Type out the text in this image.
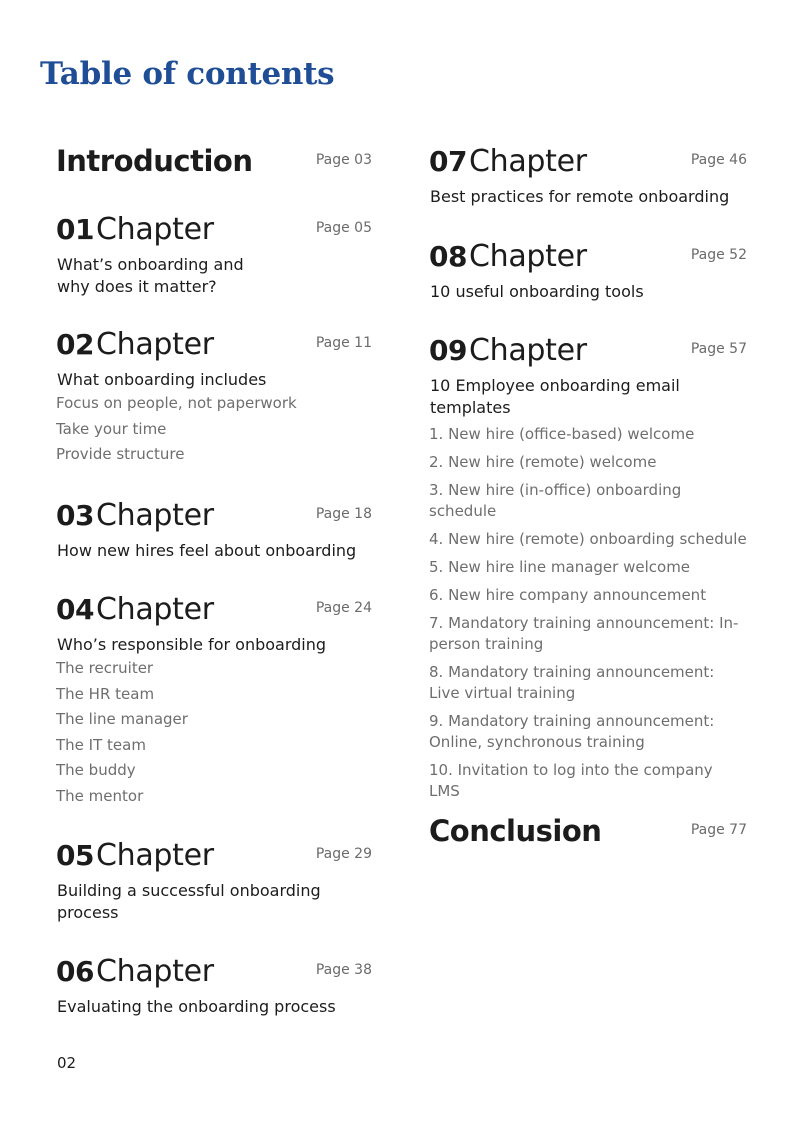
Table of contents
Introduction	Page 03
01Chapter	Page 05
What’s onboarding and why does it matter?
02Chapter	Page 11
What onboarding includes
Focus on people, not paperwork
Take your time
Provide structure
03Chapter	Page 18
How new hires feel about onboarding
04Chapter	Page 24
Who’s responsible for onboarding
The recruiter
The HR team
The line manager
The IT team
The buddy
The mentor
05Chapter	Page 29
Building a successful onboarding process
06Chapter	Page 38
Evaluating the onboarding process
07Chapter	Page 46
Best practices for remote onboarding
08Chapter	Page 52
10 useful onboarding tools
09Chapter	Page 57
10 Employee onboarding email templates
1. New hire (office-based) welcome
2. New hire (remote) welcome
3. New hire (in-office) onboarding schedule
4. New hire (remote) onboarding schedule
5. New hire line manager welcome
6. New hire company announcement
7. Mandatory training announcement: In-person training
8. Mandatory training announcement: Live virtual training
9. Mandatory training announcement: Online, synchronous training
10. Invitation to log into the company LMS
Conclusion	Page 77
02
